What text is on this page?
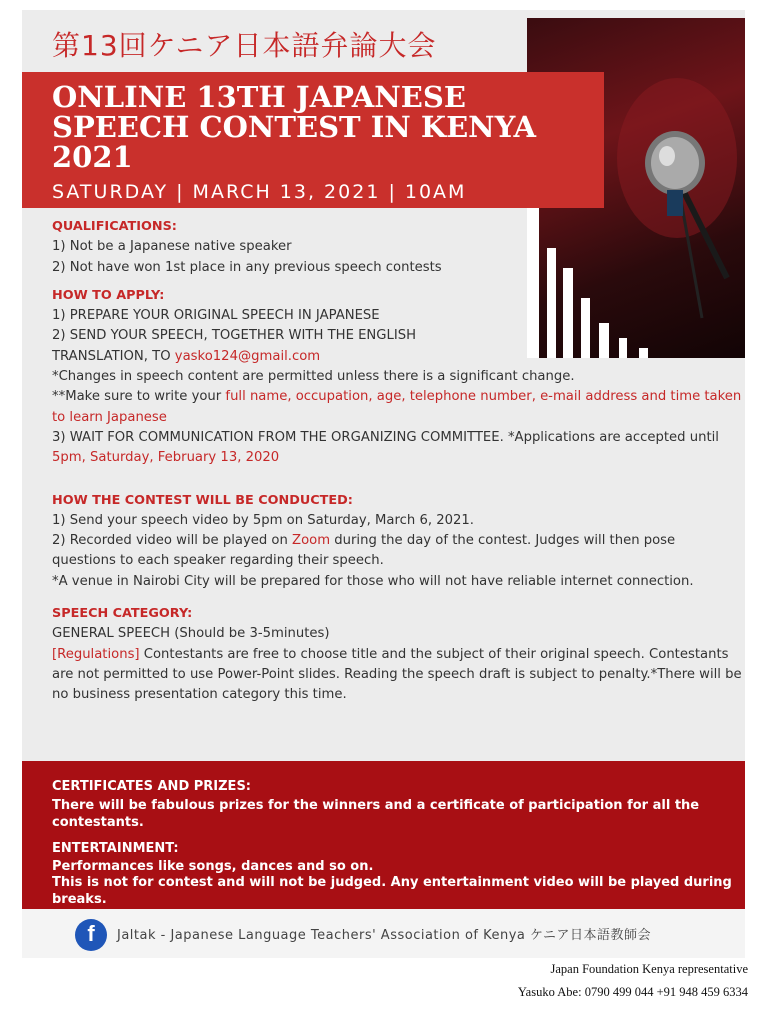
第13回ケニア日本語弁論大会
ONLINE 13TH JAPANESE
SPEECH CONTEST IN KENYA
2021
SATURDAY | MARCH 13, 2021 | 10AM
QUALIFICATIONS:

1) Not be a Japanese native speaker

2) Not have won 1st place in any previous speech contests

HOW TO APPLY:

1) PREPARE YOUR ORIGINAL SPEECH IN JAPANESE

2) SEND YOUR SPEECH, TOGETHER WITH THE ENGLISH

TRANSLATION, TO yasko124@gmail.com

*Changes in speech content are permitted unless there is a significant change.

**Make sure to write your full name, occupation, age, telephone number, e-mail address and time taken to learn Japanese

3) WAIT FOR COMMUNICATION FROM THE ORGANIZING COMMITTEE. *Applications are accepted until 5pm, Saturday, February 13, 2020

HOW THE CONTEST WILL BE CONDUCTED:

1) Send your speech video by 5pm on Saturday, March 6, 2021.

2) Recorded video will be played on Zoom during the day of the contest. Judges will then pose questions to each speaker regarding their speech.

*A venue in Nairobi City will be prepared for those who will not have reliable internet connection.

SPEECH CATEGORY:

GENERAL SPEECH (Should be 3-5minutes)

[Regulations] Contestants are free to choose title and the subject of their original speech. Contestants are not permitted to use Power-Point slides. Reading the speech draft is subject to penalty.*There will be no business presentation category this time.

CERTIFICATES AND PRIZES:
There will be fabulous prizes for the winners and a certificate of participation for all the contestants.
ENTERTAINMENT:
Performances like songs, dances and so on.
This is not for contest and will not be judged. Any entertainment video will be played during breaks.
f	Jaltak - Japanese Language Teachers' Association of Kenya ケニア日本語教師会
Japan Foundation Kenya representative
Yasuko Abe: 0790 499 044 +91 948 459 6334
